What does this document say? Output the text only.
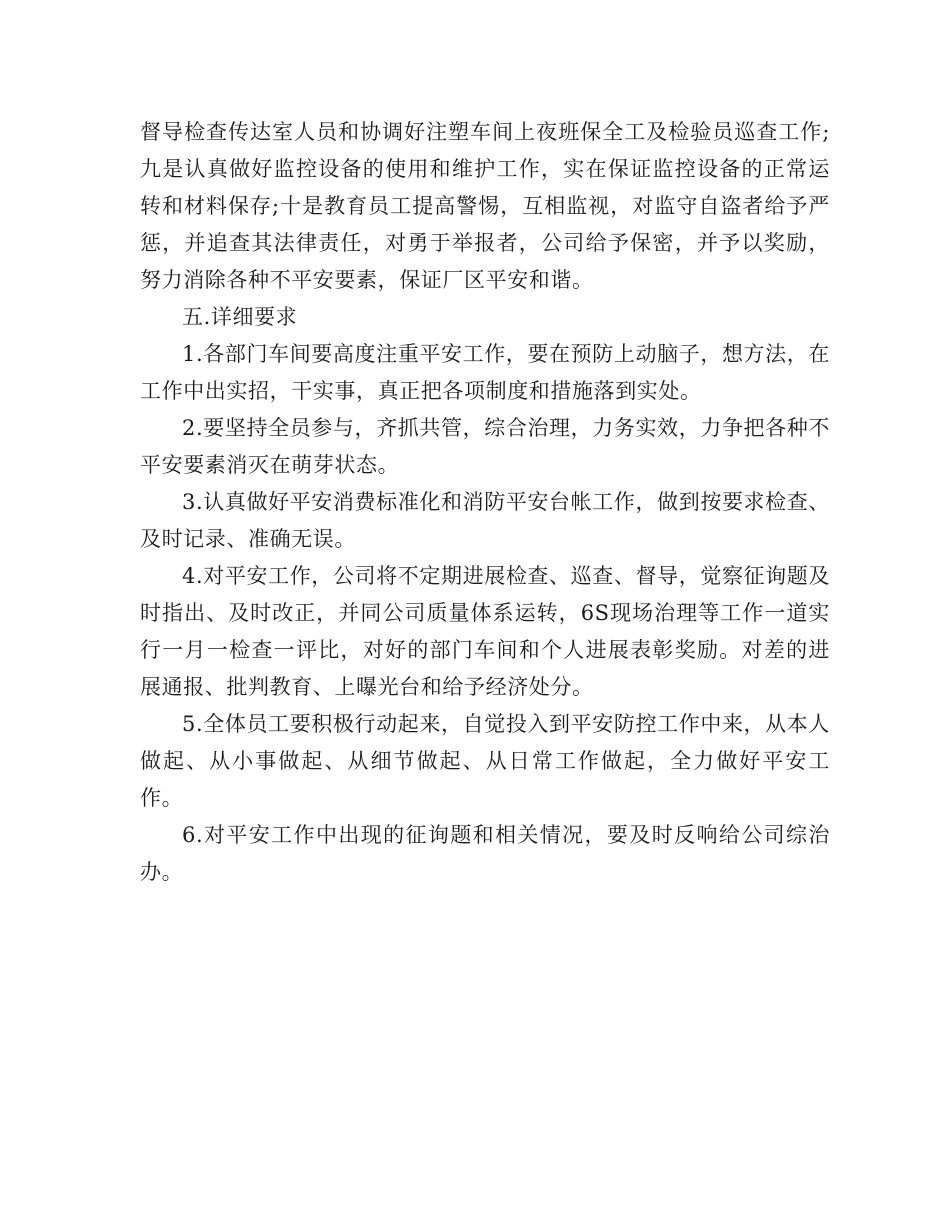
督导检查传达室人员和协调好注塑车间上夜班保全工及检验员巡查工作;九是认真做好监控设备的使用和维护工作，实在保证监控设备的正常运转和材料保存;十是教育员工提高警惕，互相监视，对监守自盗者给予严惩，并追查其法律责任，对勇于举报者，公司给予保密，并予以奖励，努力消除各种不平安要素，保证厂区平安和谐。

五.详细要求

1.各部门车间要高度注重平安工作，要在预防上动脑子，想方法，在工作中出实招，干实事，真正把各项制度和措施落到实处。

2.要坚持全员参与，齐抓共管，综合治理，力务实效，力争把各种不平安要素消灭在萌芽状态。

3.认真做好平安消费标准化和消防平安台帐工作，做到按要求检查、及时记录、准确无误。

4.对平安工作，公司将不定期进展检查、巡查、督导，觉察征询题及时指出、及时改正，并同公司质量体系运转，6S现场治理等工作一道实行一月一检查一评比，对好的部门车间和个人进展表彰奖励。对差的进展通报、批判教育、上曝光台和给予经济处分。

5.全体员工要积极行动起来，自觉投入到平安防控工作中来，从本人做起、从小事做起、从细节做起、从日常工作做起，全力做好平安工作。

6.对平安工作中出现的征询题和相关情况，要及时反响给公司综治办。
